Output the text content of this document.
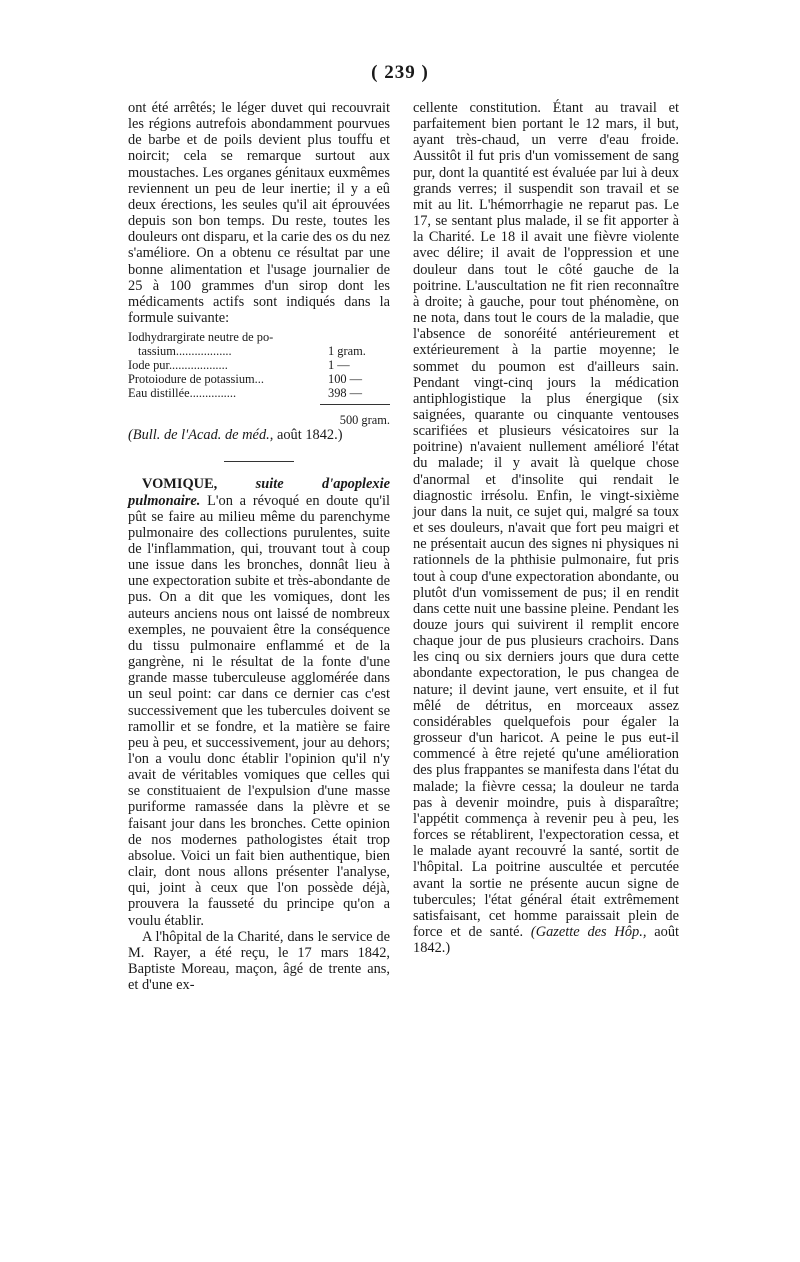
( 239 )

ont été arrêtés; le léger duvet qui recouvrait les régions autrefois abondamment pourvues de barbe et de poils devient plus touffu et noircit; cela se remarque surtout aux moustaches. Les organes génitaux euxmêmes reviennent un peu de leur inertie; il y a eû deux érections, les seules qu'il ait éprouvées depuis son bon temps. Du reste, toutes les douleurs ont disparu, et la carie des os du nez s'améliore. On a obtenu ce résultat par une bonne alimentation et l'usage journalier de 25 à 100 grammes d'un sirop dont les médicaments actifs sont indiqués dans la formule suivante:

Iodhydrargirate neutre de po-
tassium..................	1 gram.
Iode pur...................	1 —
Protoiodure de potassium...	100 —
Eau distillée...............	398 —
500 gram.

(Bull. de l'Acad. de méd., août 1842.)

VOMIQUE,	suite d'apoplexie pulmonaire. L'on a révoqué en doute qu'il pût se faire au milieu même du parenchyme pulmonaire des collections purulentes, suite de l'inflammation, qui, trouvant tout à coup une issue dans les bronches, donnât lieu à une expectoration subite et très-abondante de pus. On a dit que les vomiques, dont les auteurs anciens nous ont laissé de nombreux exemples, ne pouvaient être la conséquence du tissu pulmonaire enflammé et de la gangrène, ni le résultat de la fonte d'une grande masse tuberculeuse agglomérée dans un seul point: car dans ce dernier cas c'est successivement que les tubercules doivent se ramollir et se fondre, et la matière se faire peu à peu, et successivement, jour au dehors; l'on a voulu donc établir l'opinion qu'il n'y avait de véritables vomiques que celles qui se constituaient de l'expulsion d'une masse puriforme ramassée dans la plèvre et se faisant jour dans les bronches. Cette opinion de nos modernes pathologistes était trop absolue. Voici un fait bien authentique, bien clair, dont nous allons présenter l'analyse, qui, joint à ceux que l'on possède déjà, prouvera la fausseté du principe qu'on a voulu établir.

A l'hôpital de la Charité, dans le service de M. Rayer, a été reçu, le 17 mars 1842, Baptiste Moreau, maçon, âgé de trente ans, et d'une ex-

cellente constitution. Étant au travail et parfaitement bien portant le 12 mars, il but, ayant très-chaud, un verre d'eau froide. Aussitôt il fut pris d'un vomissement de sang pur, dont la quantité est évaluée par lui à deux grands verres; il suspendit son travail et se mit au lit. L'hémorrhagie ne reparut pas. Le 17, se sentant plus malade, il se fit apporter à la Charité. Le 18 il avait une fièvre violente avec délire; il avait de l'oppression et une douleur dans tout le côté gauche de la poitrine. L'auscultation ne fit rien reconnaître à droite; à gauche, pour tout phénomène, on ne nota, dans tout le cours de la maladie, que l'absence de sonoréité antérieurement et extérieurement à la partie moyenne; le sommet du poumon est d'ailleurs sain. Pendant vingt-cinq jours la médication antiphlogistique la plus énergique (six saignées, quarante ou cinquante ventouses scarifiées et plusieurs vésicatoires sur la poitrine) n'avaient nullement amélioré l'état du malade; il y avait là quelque chose d'anormal et d'insolite qui rendait le diagnostic irrésolu. Enfin, le vingt-sixième jour dans la nuit, ce sujet qui, malgré sa toux et ses douleurs, n'avait que fort peu maigri et ne présentait aucun des signes ni physiques ni rationnels de la phthisie pulmonaire, fut pris tout à coup d'une expectoration abondante, ou plutôt d'un vomissement de pus; il en rendit dans cette nuit une bassine pleine. Pendant les douze jours qui suivirent il remplit encore chaque jour de pus plusieurs crachoirs. Dans les cinq ou six derniers jours que dura cette abondante expectoration, le pus changea de nature; il devint jaune, vert ensuite, et il fut mêlé de détritus, en morceaux assez considérables quelquefois pour égaler la grosseur d'un haricot. A peine le pus eut-il commencé à être rejeté qu'une amélioration des plus frappantes se manifesta dans l'état du malade; la fièvre cessa; la douleur ne tarda pas à devenir moindre, puis à disparaître; l'appétit commença à revenir peu à peu, les forces se rétablirent, l'expectoration cessa, et le malade ayant recouvré la santé, sortit de l'hôpital. La poitrine auscultée et percutée avant la sortie ne présente aucun signe de tubercules; l'état général était extrêmement satisfaisant, cet homme paraissait plein de force et de santé. (Gazette des Hôp., août 1842.)
